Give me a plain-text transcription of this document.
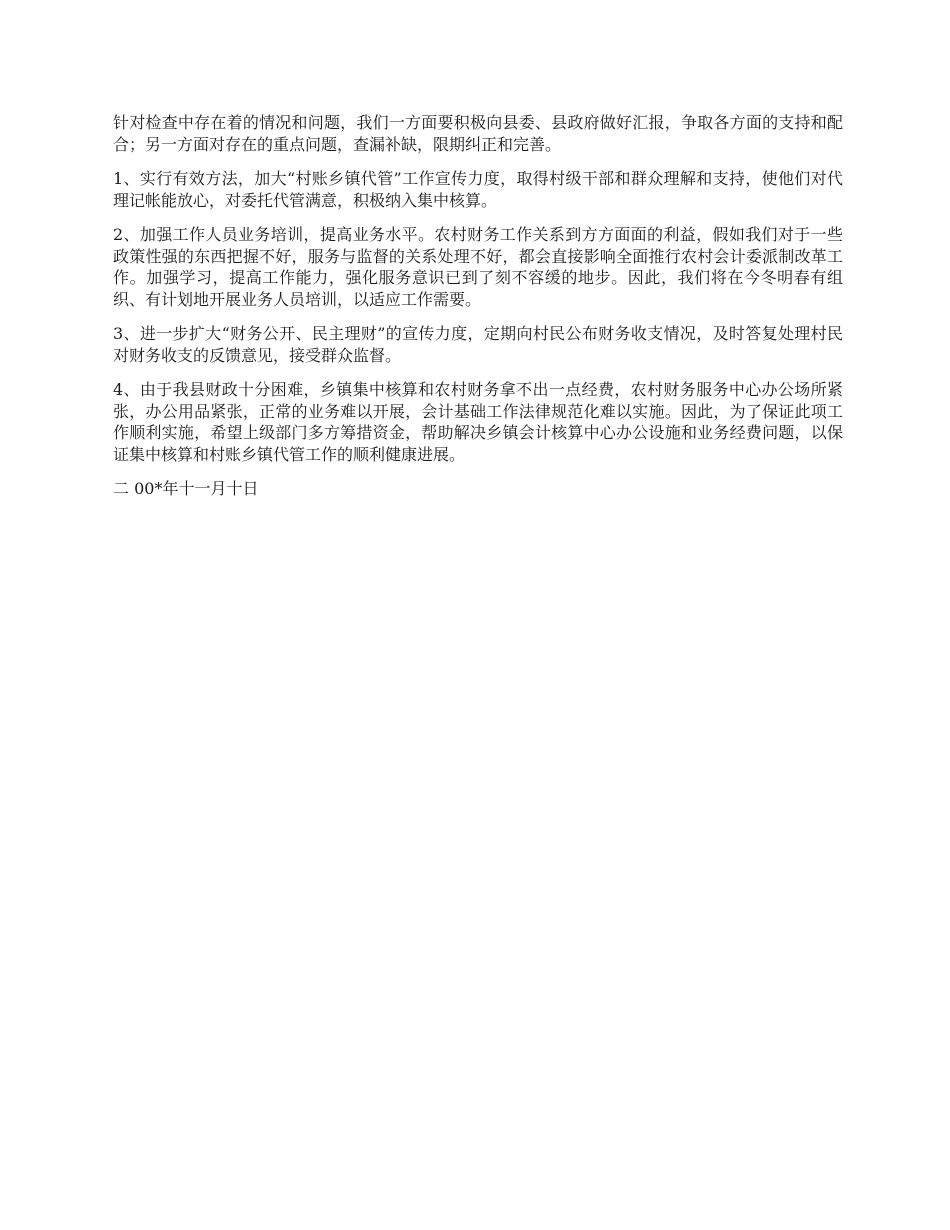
针对检查中存在着的情况和问题，我们一方面要积极向县委、县政府做好汇报，争取各方面的支持和配合；另一方面对存在的重点问题，查漏补缺，限期纠正和完善。

1、实行有效方法，加大“村账乡镇代管”工作宣传力度，取得村级干部和群众理解和支持，使他们对代理记帐能放心，对委托代管满意，积极纳入集中核算。

2、加强工作人员业务培训，提高业务水平。农村财务工作关系到方方面面的利益，假如我们对于一些政策性强的东西把握不好，服务与监督的关系处理不好，都会直接影响全面推行农村会计委派制改革工作。加强学习，提高工作能力，强化服务意识已到了刻不容缓的地步。因此，我们将在今冬明春有组织、有计划地开展业务人员培训，以适应工作需要。

3、进一步扩大“财务公开、民主理财”的宣传力度，定期向村民公布财务收支情况，及时答复处理村民对财务收支的反馈意见，接受群众监督。

4、由于我县财政十分困难，乡镇集中核算和农村财务拿不出一点经费，农村财务服务中心办公场所紧张，办公用品紧张，正常的业务难以开展，会计基础工作法律规范化难以实施。因此，为了保证此项工作顺利实施，希望上级部门多方筹措资金，帮助解决乡镇会计核算中心办公设施和业务经费问题，以保证集中核算和村账乡镇代管工作的顺利健康进展。

二 00*年十一月十日
